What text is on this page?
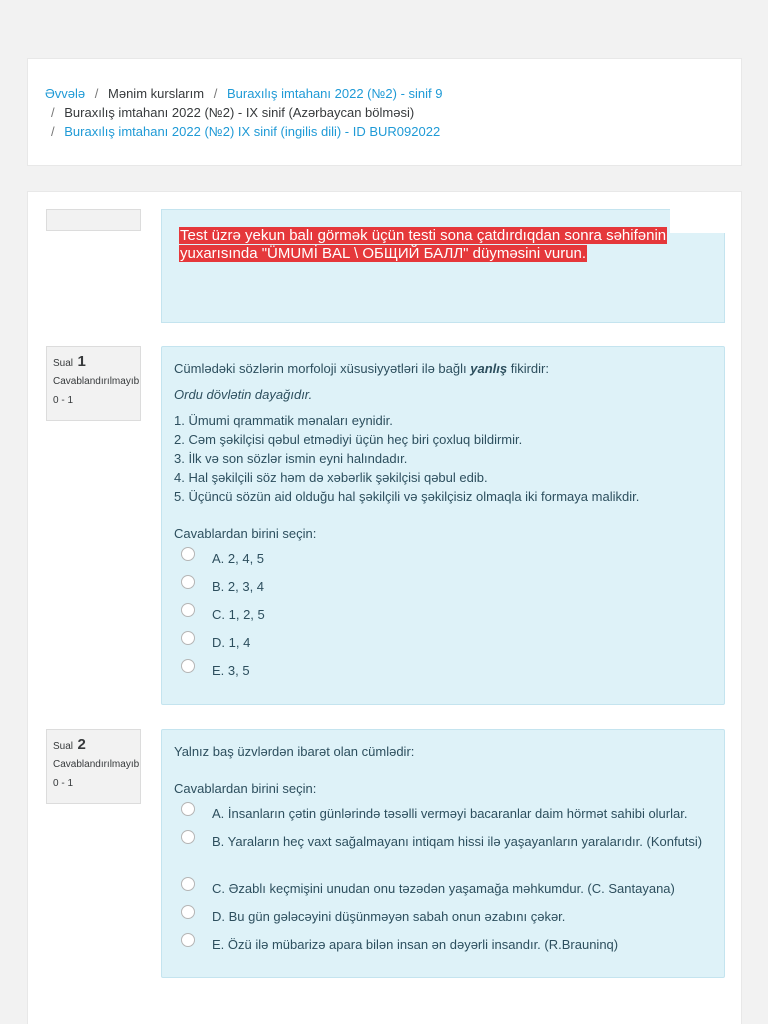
Əvvələ / Mənim kurslarım / Buraxılış imtahanı 2022 (№2) - sinif 9
/ Buraxılış imtahanı 2022 (№2) - IX sinif (Azərbaycan bölməsi)
/ Buraxılış imtahanı 2022 (№2) IX sinif (ingilis dili) - ID BUR092022
Test üzrə yekun balı görmək üçün testi sona çatdırdıqdan sonra səhifənin yuxarısında "ÜMUMİ BAL \ ОБЩИЙ БАЛЛ" düyməsini vurun.
Sual 1
Cavablandırılmayıb
0 - 1
Cümlədəki sözlərin morfoloji xüsusiyyətləri ilə bağlı yanlış fikirdir:
Ordu dövlətin dayağıdır.
1. Ümumi qrammatik mənaları eynidir.
2. Cəm şəkilçisi qəbul etmədiyi üçün heç biri çoxluq bildirmir.
3. İlk və son sözlər ismin eyni halındadır.
4. Hal şəkilçili söz həm də xəbərlik şəkilçisi qəbul edib.
5. Üçüncü sözün aid olduğu hal şəkilçili və şəkilçisiz olmaqla iki formaya malikdir.
Cavablardan birini seçin:
A. 2, 4, 5
B. 2, 3, 4
C. 1, 2, 5
D. 1, 4
E. 3, 5
Sual 2
Cavablandırılmayıb
0 - 1
Yalnız baş üzvlərdən ibarət olan cümlədir:
Cavablardan birini seçin:
A. İnsanların çətin günlərində təsəlli verməyi bacaranlar daim hörmət sahibi olurlar.
B. Yaraların heç vaxt sağalmayanı intiqam hissi ilə yaşayanların yaralarıdır. (Konfutsi)
C. Əzablı keçmişini unudan onu təzədən yaşamağa məhkumdur. (C. Santayana)
D. Bu gün gələcəyini düşünməyən sabah onun əzabını çəkər.
E. Özü ilə mübarizə apara bilən insan ən dəyərli insandır. (R.Brauninq)
